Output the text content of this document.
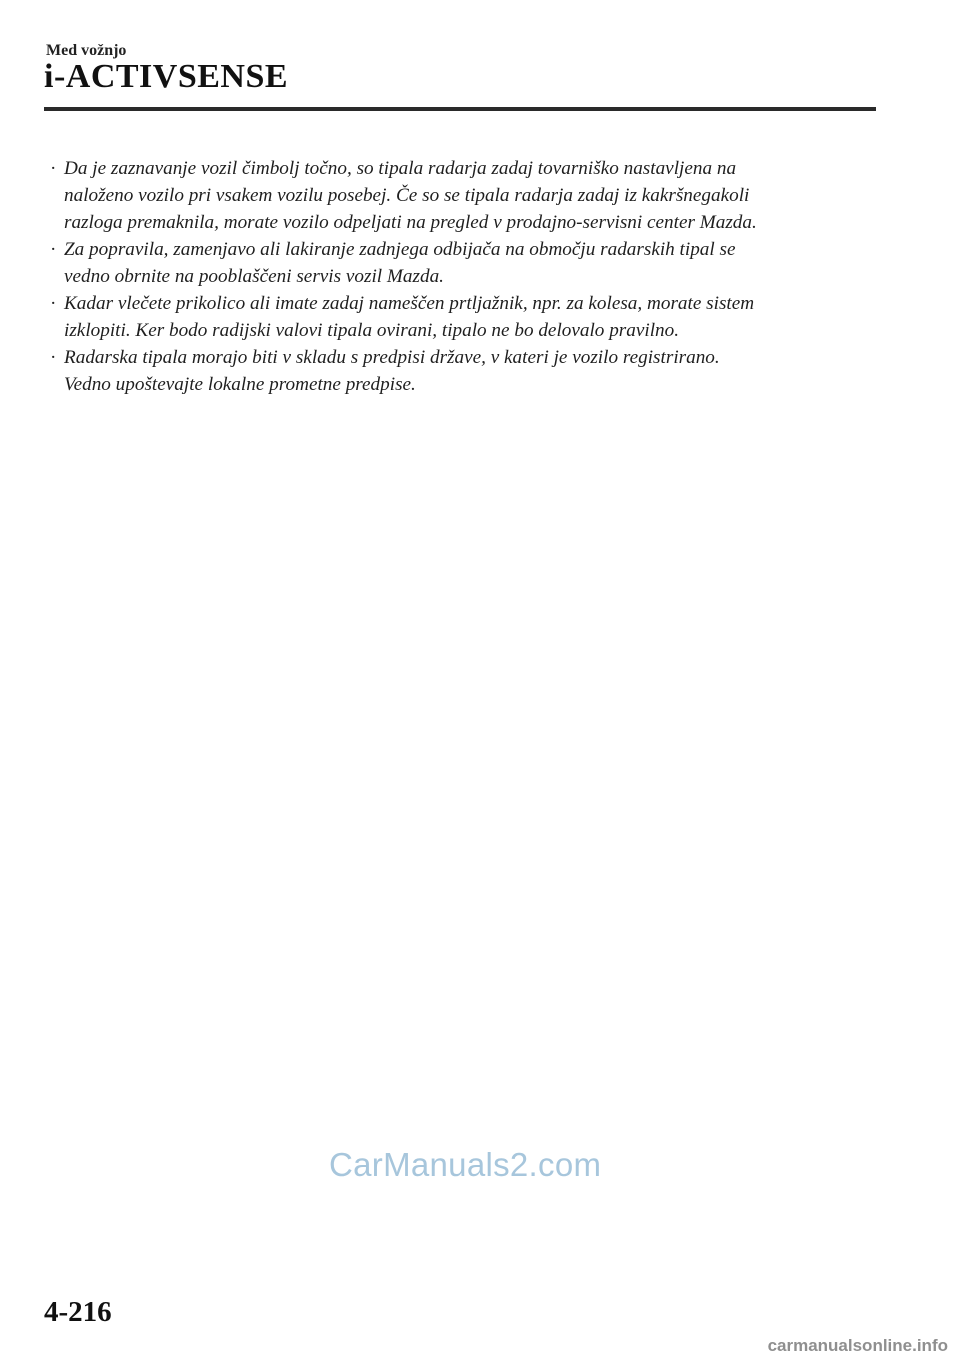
Med vožnjo
i-ACTIVSENSE
· Da je zaznavanje vozil čimbolj točno, so tipala radarja zadaj tovarniško nastavljena na
naloženo vozilo pri vsakem vozilu posebej. Če so se tipala radarja zadaj iz kakršnegakoli
razloga premaknila, morate vozilo odpeljati na pregled v prodajno-servisni center Mazda.
· Za popravila, zamenjavo ali lakiranje zadnjega odbijača na območju radarskih tipal se
vedno obrnite na pooblaščeni servis vozil Mazda.
· Kadar vlečete prikolico ali imate zadaj nameščen prtljažnik, npr. za kolesa, morate sistem
izklopiti. Ker bodo radijski valovi tipala ovirani, tipalo ne bo delovalo pravilno.
· Radarska tipala morajo biti v skladu s predpisi države, v kateri je vozilo registrirano.
Vedno upoštevajte lokalne prometne predpise.
CarManuals2.com
4-216
carmanualsonline.info
